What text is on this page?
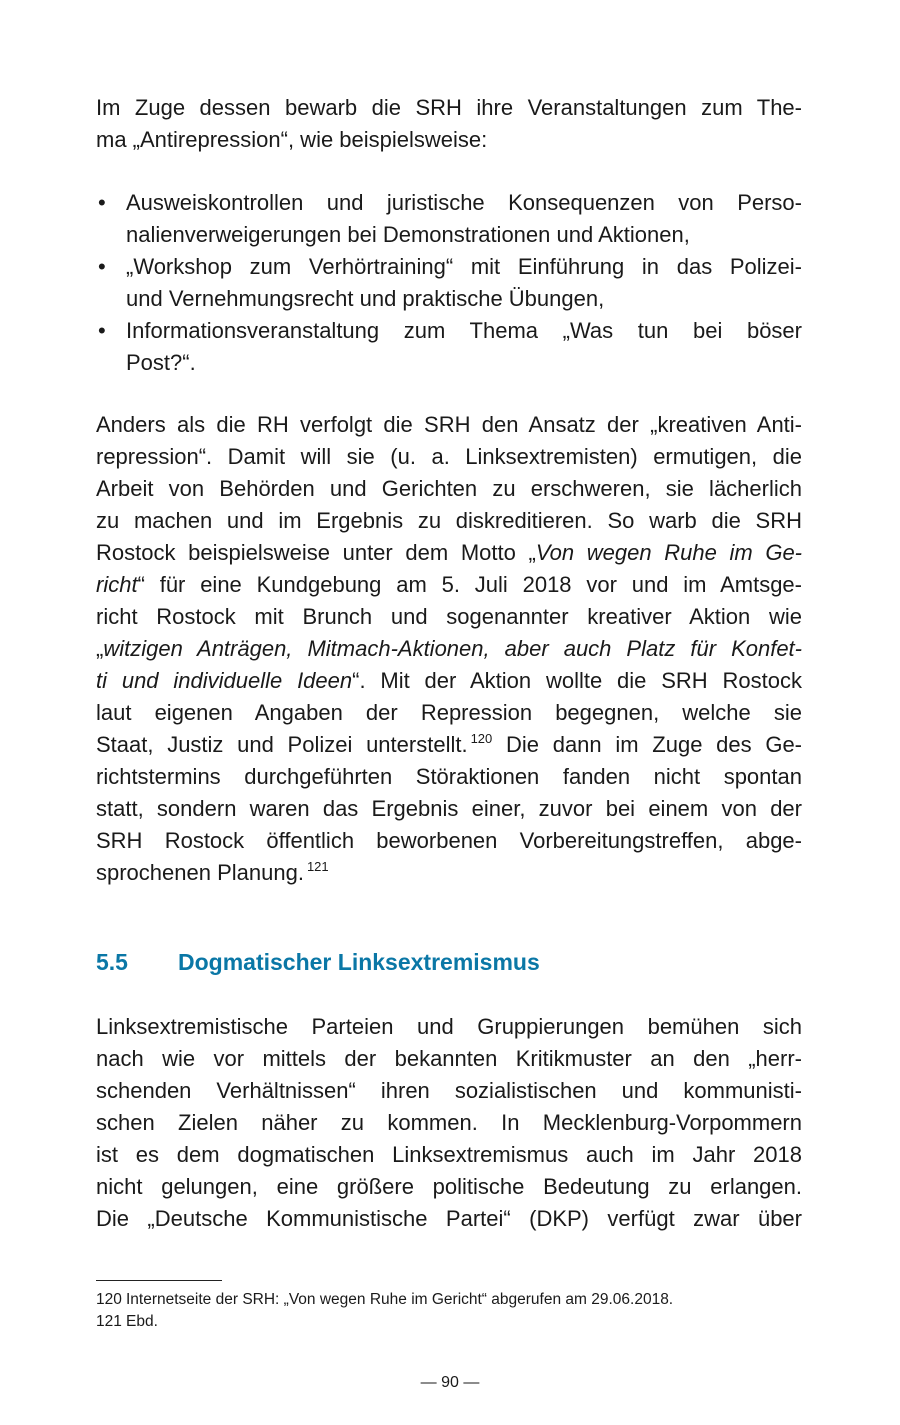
Im Zuge dessen bewarb die SRH ihre Veranstaltungen zum The-
ma „Antirepression“, wie beispielsweise:
• Ausweiskontrollen und juristische Konsequenzen von Perso-
nalienverweigerungen bei Demonstrationen und Aktionen,
• „Workshop zum Verhörtraining“ mit Einführung in das Polizei-
und Vernehmungsrecht und praktische Übungen,
• Informationsveranstaltung zum Thema „Was tun bei böser
Post?“.
Anders als die RH verfolgt die SRH den Ansatz der „kreativen Anti-
repression“. Damit will sie (u. a. Linksextremisten) ermutigen, die
Arbeit von Behörden und Gerichten zu erschweren, sie lächerlich
zu machen und im Ergebnis zu diskreditieren. So warb die SRH
Rostock beispielsweise unter dem Motto „Von wegen Ruhe im Ge-
richt“ für eine Kundgebung am 5. Juli 2018 vor und im Amtsge-
richt Rostock mit Brunch und sogenannter kreativer Aktion wie
„witzigen Anträgen, Mitmach-Aktionen, aber auch Platz für Konfet-
ti und individuelle Ideen“. Mit der Aktion wollte die SRH Rostock
laut eigenen Angaben der Repression begegnen, welche sie
Staat, Justiz und Polizei unterstellt. $^{120}$ Die dann im Zuge des Ge-
richtstermins durchgeführten Störaktionen fanden nicht spontan
statt, sondern waren das Ergebnis einer, zuvor bei einem von der
SRH Rostock öffentlich beworbenen Vorbereitungstreffen, abge-
sprochenen Planung. $^{121}$
5.5 Dogmatischer Linksextremismus
Linksextremistische Parteien und Gruppierungen bemühen sich
nach wie vor mittels der bekannten Kritikmuster an den „herr-
schenden Verhältnissen“ ihren sozialistischen und kommunisti-
schen Zielen näher zu kommen. In Mecklenburg-Vorpommern
ist es dem dogmatischen Linksextremismus auch im Jahr 2018
nicht gelungen, eine größere politische Bedeutung zu erlangen.
Die „Deutsche Kommunistische Partei“ (DKP) verfügt zwar über
120 Internetseite der SRH: „Von wegen Ruhe im Gericht“ abgerufen am 29.06.2018.
121 Ebd.
— 90 —
